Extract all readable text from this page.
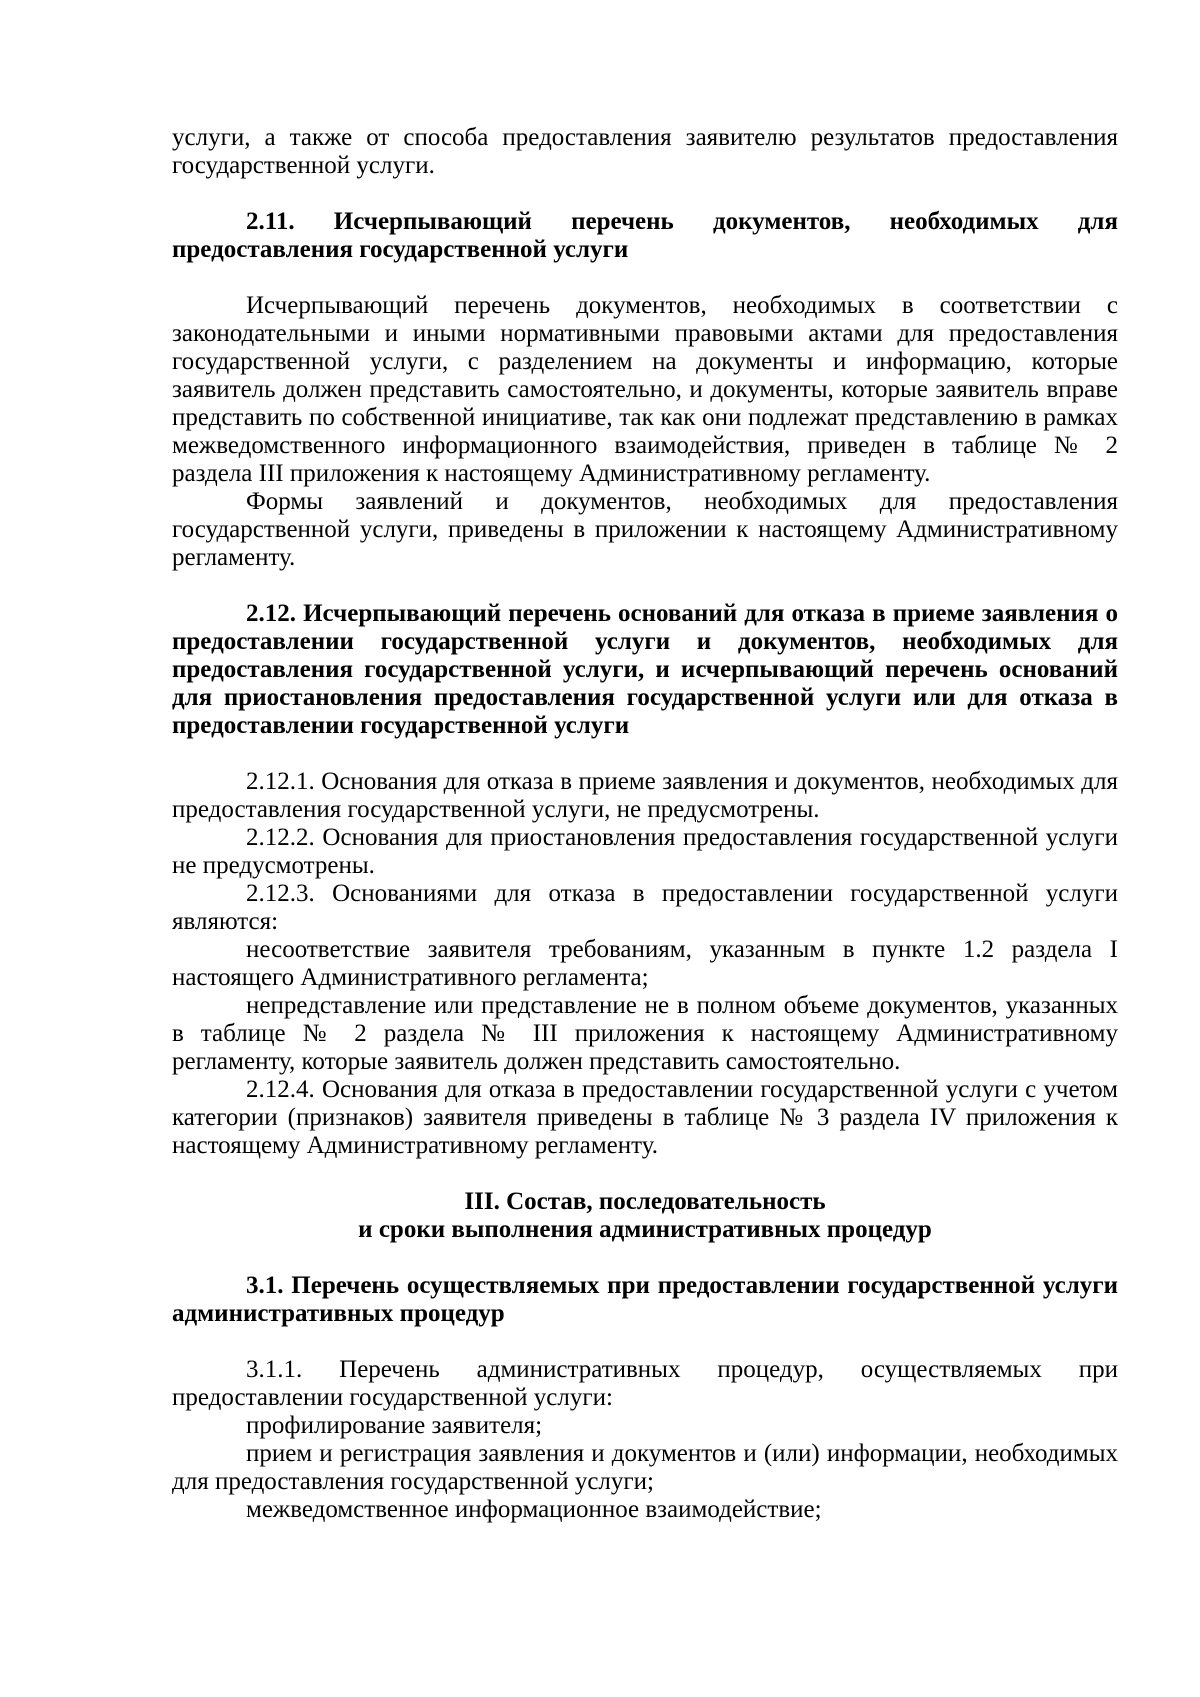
услуги, а также от способа предоставления заявителю результатов предоставления государственной услуги.

2.11. Исчерпывающий перечень документов, необходимых для предоставления государственной услуги

Исчерпывающий перечень документов, необходимых в соответствии с законодательными и иными нормативными правовыми актами для предоставления государственной услуги, с разделением на документы и информацию, которые заявитель должен представить самостоятельно, и документы, которые заявитель вправе представить по собственной инициативе, так как они подлежат представлению в рамках межведомственного информационного взаимодействия, приведен в таблице № 2 раздела III приложения к настоящему Административному регламенту.

Формы заявлений и документов, необходимых для предоставления государственной услуги, приведены в приложении к настоящему Административному регламенту.

2.12. Исчерпывающий перечень оснований для отказа в приеме заявления о предоставлении государственной услуги и документов, необходимых для предоставления государственной услуги, и исчерпывающий перечень оснований для приостановления предоставления государственной услуги или для отказа в предоставлении государственной услуги

2.12.1. Основания для отказа в приеме заявления и документов, необходимых для предоставления государственной услуги, не предусмотрены.

2.12.2. Основания для приостановления предоставления государственной услуги не предусмотрены.

2.12.3. Основаниями для отказа в предоставлении государственной услуги являются:

несоответствие заявителя требованиям, указанным в пункте 1.2 раздела I настоящего Административного регламента;

непредставление или представление не в полном объеме документов, указанных в таблице № 2 раздела № III приложения к настоящему Административному регламенту, которые заявитель должен представить самостоятельно.

2.12.4. Основания для отказа в предоставлении государственной услуги с учетом категории (признаков) заявителя приведены в таблице № 3 раздела IV приложения к настоящему Административному регламенту.

III. Состав, последовательность

и сроки выполнения административных процедур

3.1. Перечень осуществляемых при предоставлении государственной услуги административных процедур

3.1.1. Перечень административных процедур, осуществляемых при предоставлении государственной услуги:

профилирование заявителя;

прием и регистрация заявления и документов и (или) информации, необходимых для предоставления государственной услуги;

межведомственное информационное взаимодействие;
